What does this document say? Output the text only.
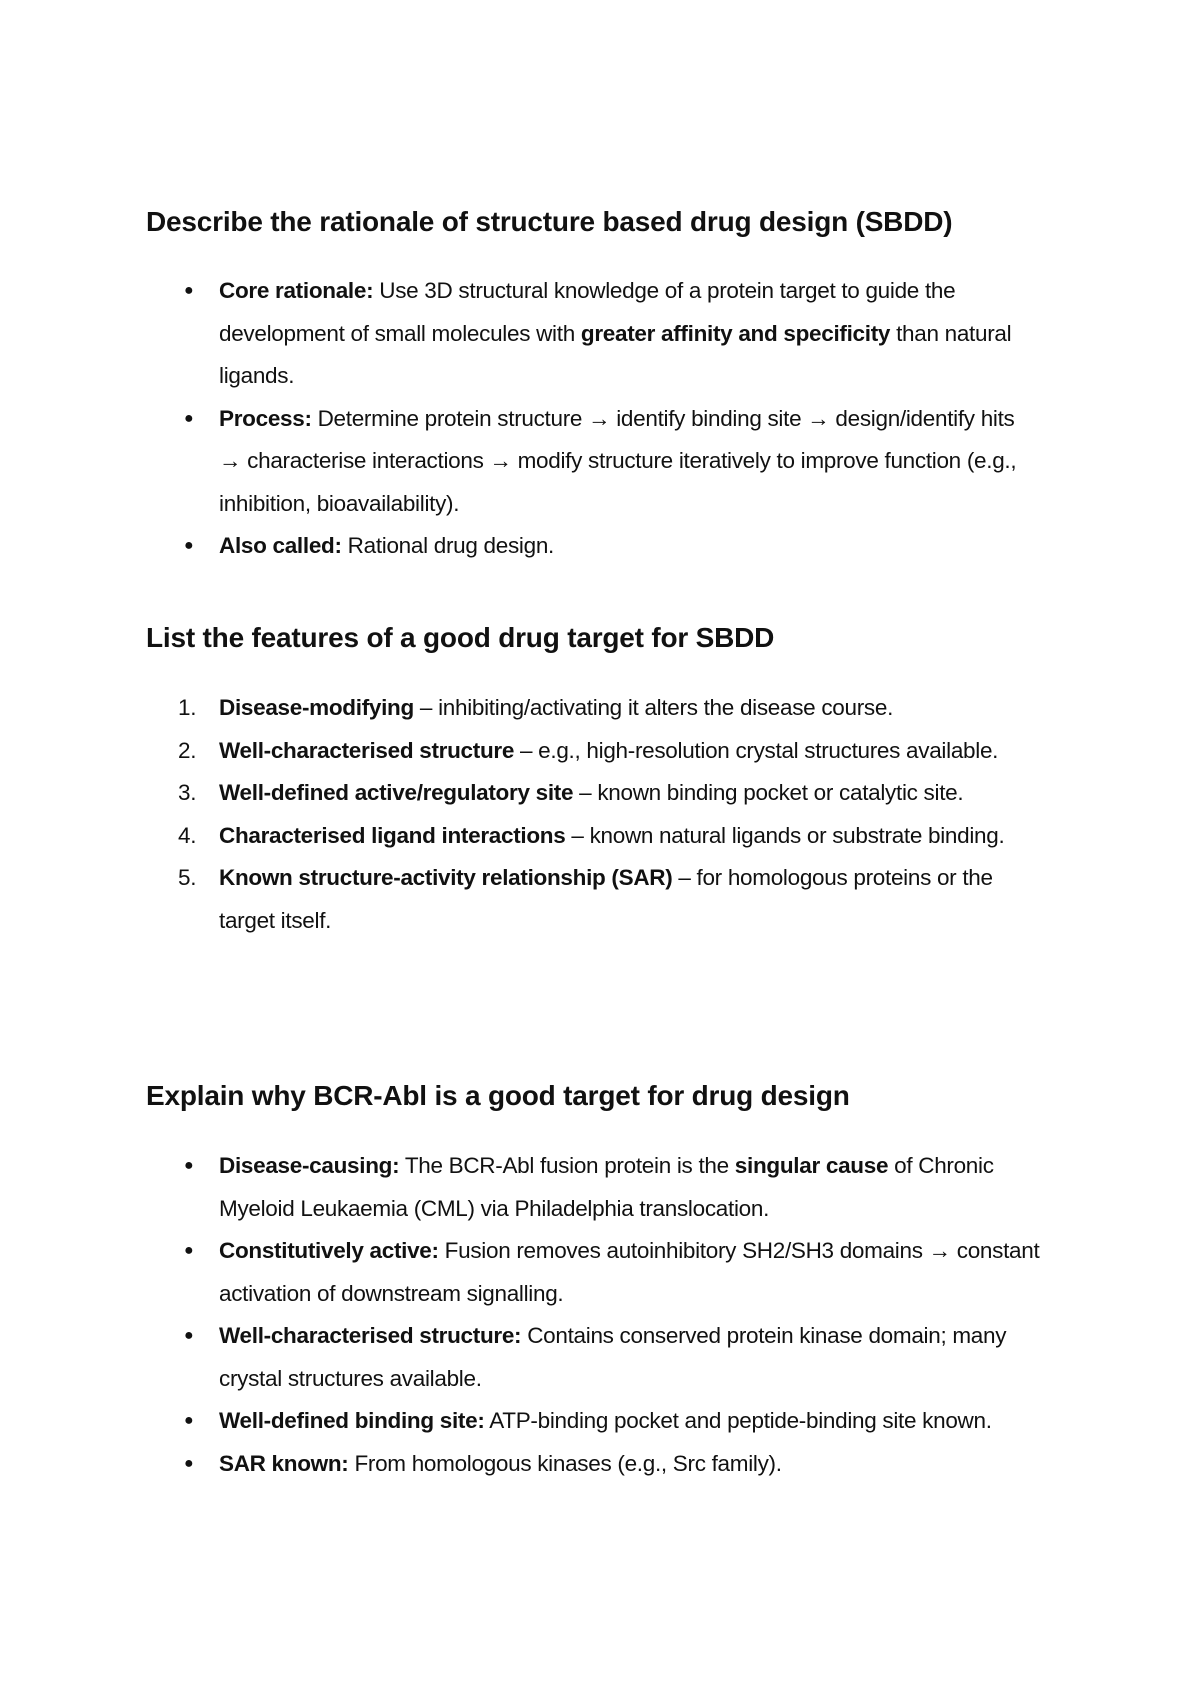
Describe the rationale of structure based drug design (SBDD)
● Core rationale: Use 3D structural knowledge of a protein target to guide the development of small molecules with greater affinity and specificity than natural ligands.
● Process: Determine protein structure → identify binding site → design/identify hits → characterise interactions → modify structure iteratively to improve function (e.g., inhibition, bioavailability).
● Also called: Rational drug design.
List the features of a good drug target for SBDD
1. Disease-modifying – inhibiting/activating it alters the disease course.
2. Well-characterised structure – e.g., high-resolution crystal structures available.
3. Well-defined active/regulatory site – known binding pocket or catalytic site.
4. Characterised ligand interactions – known natural ligands or substrate binding.
5. Known structure-activity relationship (SAR) – for homologous proteins or the target itself.
Explain why BCR-Abl is a good target for drug design
● Disease-causing: The BCR-Abl fusion protein is the singular cause of Chronic Myeloid Leukaemia (CML) via Philadelphia translocation.
● Constitutively active: Fusion removes autoinhibitory SH2/SH3 domains → constant activation of downstream signalling.
● Well-characterised structure: Contains conserved protein kinase domain; many crystal structures available.
● Well-defined binding site: ATP-binding pocket and peptide-binding site known.
● SAR known: From homologous kinases (e.g., Src family).
